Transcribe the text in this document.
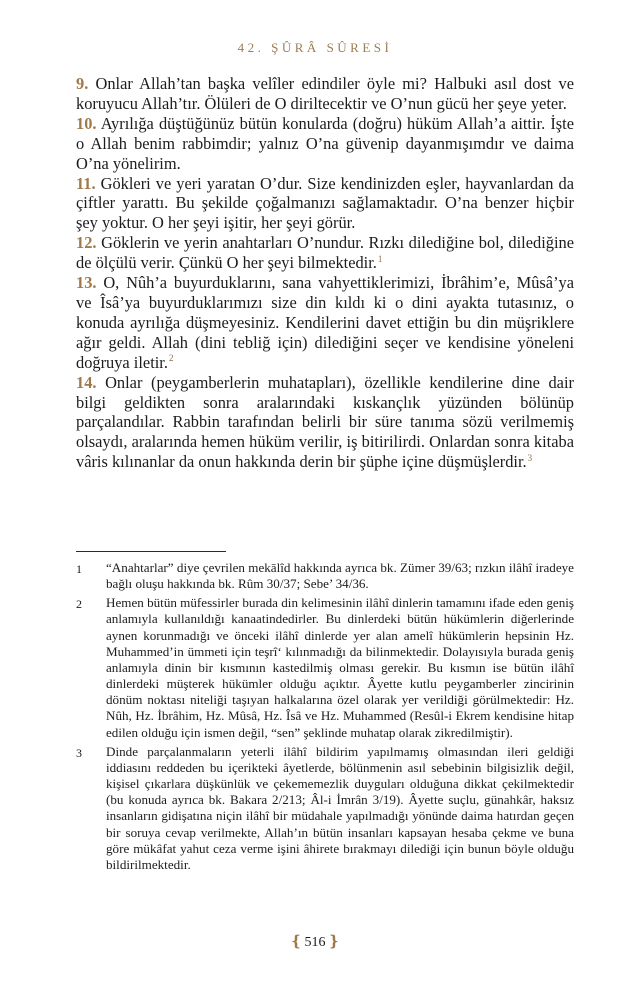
42. ŞÛRÂ SÛRESİ

9. Onlar Allah’tan başka velîler edindiler öyle mi? Halbuki asıl dost ve koruyucu Allah’tır. Ölüleri de O diriltecektir ve O’nun gücü her şeye yeter.

10. Ayrılığa düştüğünüz bütün konularda (doğru) hüküm Allah’a aittir. İşte o Allah benim rabbimdir; yalnız O’na güvenip dayanmışımdır ve daima O’na yönelirim.

11. Gökleri ve yeri yaratan O’dur. Size kendinizden eşler, hayvanlardan da çiftler yarattı. Bu şekilde çoğalmanızı sağlamaktadır. O’na benzer hiçbir şey yoktur. O her şeyi işitir, her şeyi görür.

12. Göklerin ve yerin anahtarları O’nundur. Rızkı dilediğine bol, dilediğine de ölçülü verir. Çünkü O her şeyi bilmektedir.$^1$

13. O, Nûh’a buyurduklarını, sana vahyettiklerimizi, İbrâhim’e, Mûsâ’ya ve Îsâ’ya buyurduklarımızı size din kıldı ki o dini ayakta tutasınız, o konuda ayrılığa düşmeyesiniz. Kendilerini davet ettiğin bu din müşriklere ağır geldi. Allah (dini tebliğ için) dilediğini seçer ve kendisine yöneleni doğruya iletir.$^2$

14. Onlar (peygamberlerin muhatapları), özellikle kendilerine dine dair bilgi geldikten sonra aralarındaki kıskançlık yüzünden bölünüp parçalandılar. Rabbin tarafından belirli bir süre tanıma sözü verilmemiş olsaydı, aralarında hemen hüküm verilir, iş bitirilirdi. Onlardan sonra kitaba vâris kılınanlar da onun hakkında derin bir şüphe içine düşmüşlerdir.$^3$

1	“Anahtarlar” diye çevrilen mekālîd hakkında ayrıca bk. Zümer 39/63; rızkın ilâhî iradeye bağlı oluşu hakkında bk. Rûm 30/37; Sebe’ 34/36.
2	Hemen bütün müfessirler burada din kelimesinin ilâhî dinlerin tamamını ifade eden geniş anlamıyla kullanıldığı kanaatindedirler. Bu dinlerdeki bütün hükümlerin diğerlerinde aynen korunmadığı ve önceki ilâhî dinlerde yer alan amelî hükümlerin hepsinin Hz. Muhammed’in ümmeti için teşrî‘ kılınmadığı da bilinmektedir. Dolayısıyla burada geniş anlamıyla dinin bir kısmının kastedilmiş olması gerekir. Bu kısmın ise bütün ilâhî dinlerdeki müşterek hükümler olduğu açıktır. Âyette kutlu peygamberler zincirinin dönüm noktası niteliği taşıyan halkalarına özel olarak yer verildiği görülmektedir: Hz. Nûh, Hz. İbrâhim, Hz. Mûsâ, Hz. Îsâ ve Hz. Muhammed (Resûl-i Ekrem kendisine hitap edilen olduğu için ismen değil, “sen” şeklinde muhatap olarak zikredilmiştir).
3	Dinde parçalanmaların yeterli ilâhî bildirim yapılmamış olmasından ileri geldiği iddiasını reddeden bu içerikteki âyetlerde, bölünmenin asıl sebebinin bilgisizlik değil, kişisel çıkarlara düşkünlük ve çekememezlik duyguları olduğuna dikkat çekilmektedir (bu konuda ayrıca bk. Bakara 2/213; Âl-i İmrân 3/19). Âyette suçlu, günahkâr, haksız insanların gidişatına niçin ilâhî bir müdahale yapılmadığı yönünde daima hatırdan geçen bir soruya cevap verilmekte, Allah’ın bütün insanları kapsayan hesaba çekme ve buna göre mükâfat yahut ceza verme işini âhirete bırakmayı dilediği için bunun böyle olduğu bildirilmektedir.
❴ 516 ❵
